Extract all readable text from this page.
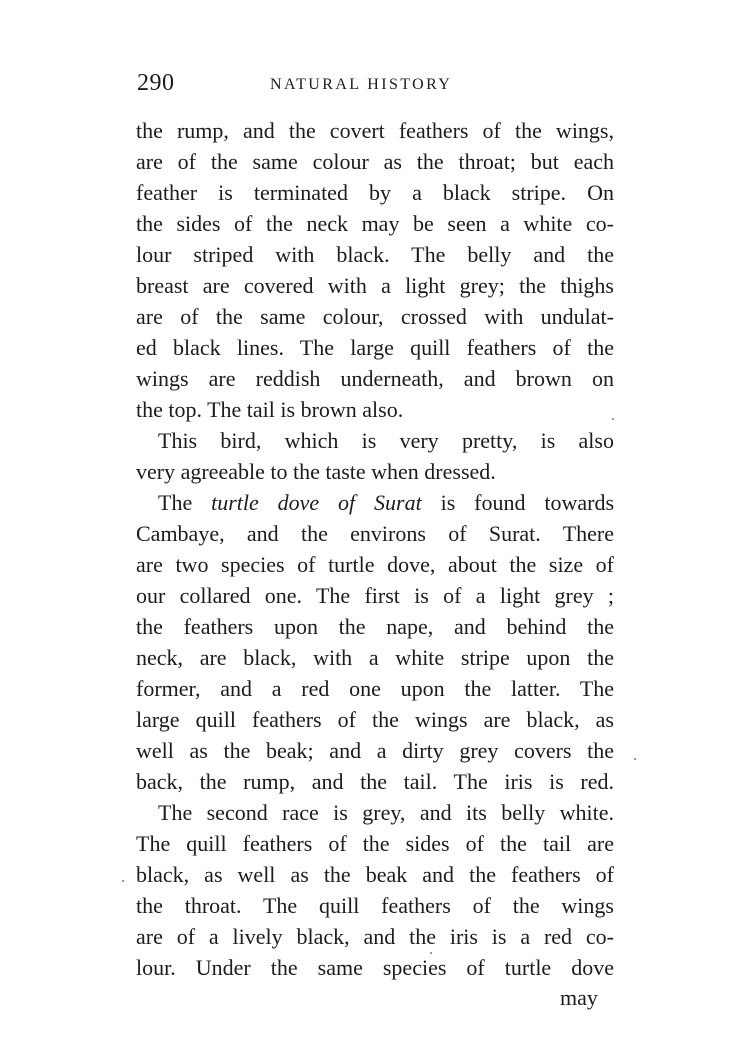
290	NATURAL HISTORY
the rump, and the covert feathers of the wings,
are of the same colour as the throat; but each
feather is terminated by a black stripe. On
the sides of the neck may be seen a white co-
lour striped with black. The belly and the
breast are covered with a light grey; the thighs
are of the same colour, crossed with undulat-
ed black lines. The large quill feathers of the
wings are reddish underneath, and brown on
the top. The tail is brown also.
This bird, which is very pretty, is also
very agreeable to the taste when dressed.
The turtle dove of Surat is found towards
Cambaye, and the environs of Surat. There
are two species of turtle dove, about the size of
our collared one. The first is of a light grey ;
the feathers upon the nape, and behind the
neck, are black, with a white stripe upon the
former, and a red one upon the latter. The
large quill feathers of the wings are black, as
well as the beak; and a dirty grey covers the
back, the rump, and the tail. The iris is red.
The second race is grey, and its belly white.
The quill feathers of the sides of the tail are
black, as well as the beak and the feathers of
the throat. The quill feathers of the wings
are of a lively black, and the iris is a red co-
lour. Under the same species of turtle dove
may
